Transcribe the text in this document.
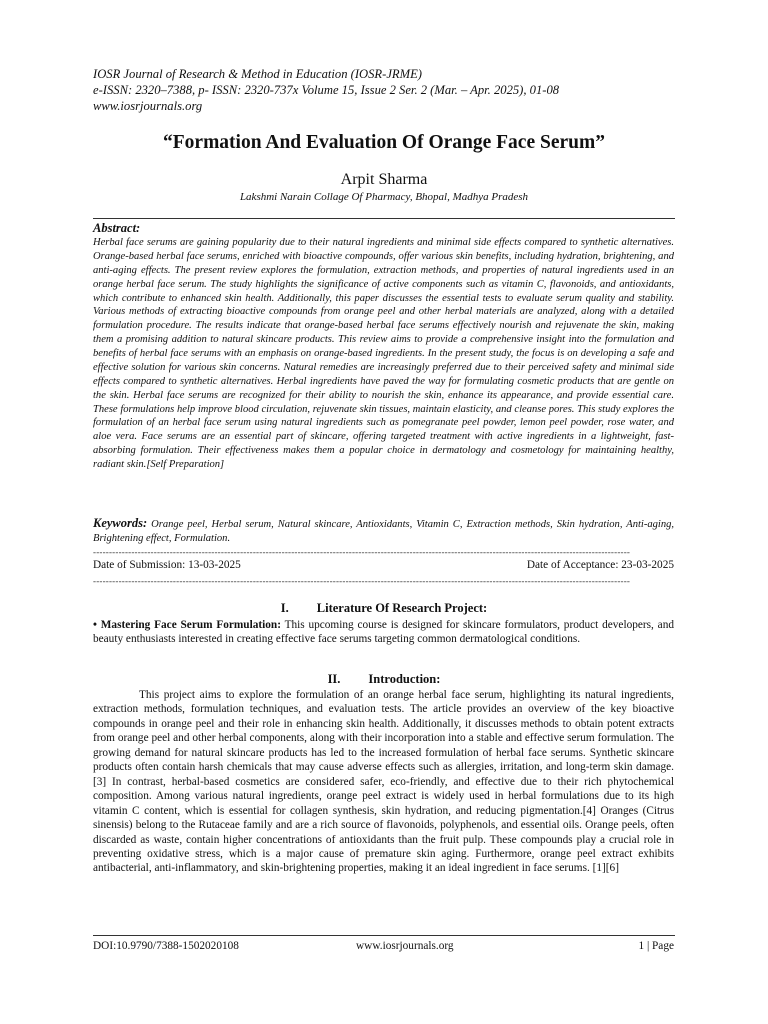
IOSR Journal of Research & Method in Education (IOSR-JRME)
e-ISSN: 2320–7388, p- ISSN: 2320-737x Volume 15, Issue 2 Ser. 2 (Mar. – Apr. 2025), 01-08
www.iosrjournals.org
“Formation And Evaluation Of Orange Face Serum”
Arpit Sharma
Lakshmi Narain Collage Of Pharmacy, Bhopal, Madhya Pradesh
Abstract:

Herbal face serums are gaining popularity due to their natural ingredients and minimal side effects compared to synthetic alternatives. Orange-based herbal face serums, enriched with bioactive compounds, offer various skin benefits, including hydration, brightening, and anti-aging effects. The present review explores the formulation, extraction methods, and properties of natural ingredients used in an orange herbal face serum. The study highlights the significance of active components such as vitamin C, flavonoids, and antioxidants, which contribute to enhanced skin health. Additionally, this paper discusses the essential tests to evaluate serum quality and stability. Various methods of extracting bioactive compounds from orange peel and other herbal materials are analyzed, along with a detailed formulation procedure. The results indicate that orange-based herbal face serums effectively nourish and rejuvenate the skin, making them a promising addition to natural skincare products. This review aims to provide a comprehensive insight into the formulation and benefits of herbal face serums with an emphasis on orange-based ingredients. In the present study, the focus is on developing a safe and effective solution for various skin concerns. Natural remedies are increasingly preferred due to their perceived safety and minimal side effects compared to synthetic alternatives. Herbal ingredients have paved the way for formulating cosmetic products that are gentle on the skin. Herbal face serums are recognized for their ability to nourish the skin, enhance its appearance, and provide essential care. These formulations help improve blood circulation, rejuvenate skin tissues, maintain elasticity, and cleanse pores. This study explores the formulation of an herbal face serum using natural ingredients such as pomegranate peel powder, lemon peel powder, rose water, and aloe vera. Face serums are an essential part of skincare, offering targeted treatment with active ingredients in a lightweight, fast-absorbing formulation. Their effectiveness makes them a popular choice in dermatology and cosmetology for maintaining healthy, radiant skin.[Self Preparation]

Keywords: Orange peel, Herbal serum, Natural skincare, Antioxidants, Vitamin C, Extraction methods, Skin hydration, Anti-aging, Brightening effect, Formulation.

------------------------------------------------------------------------------------------------------------------------------------------------------------------------
Date of Submission: 13-03-2025	Date of Acceptance: 23-03-2025
------------------------------------------------------------------------------------------------------------------------------------------------------------------------
I. Literature Of Research Project:

• Mastering Face Serum Formulation: This upcoming course is designed for skincare formulators, product developers, and beauty enthusiasts interested in creating effective face serums targeting common dermatological conditions.

II. Introduction:

This project aims to explore the formulation of an orange herbal face serum, highlighting its natural ingredients, extraction methods, formulation techniques, and evaluation tests. The article provides an overview of the key bioactive compounds in orange peel and their role in enhancing skin health. Additionally, it discusses methods to obtain potent extracts from orange peel and other herbal components, along with their incorporation into a stable and effective serum formulation. The growing demand for natural skincare products has led to the increased formulation of herbal face serums. Synthetic skincare products often contain harsh chemicals that may cause adverse effects such as allergies, irritation, and long-term skin damage.[3] In contrast, herbal-based cosmetics are considered safer, eco-friendly, and effective due to their rich phytochemical composition. Among various natural ingredients, orange peel extract is widely used in herbal formulations due to its high vitamin C content, which is essential for collagen synthesis, skin hydration, and reducing pigmentation.[4] Oranges (Citrus sinensis) belong to the Rutaceae family and are a rich source of flavonoids, polyphenols, and essential oils. Orange peels, often discarded as waste, contain higher concentrations of antioxidants than the fruit pulp. These compounds play a crucial role in preventing oxidative stress, which is a major cause of premature skin aging. Furthermore, orange peel extract exhibits antibacterial, anti-inflammatory, and skin-brightening properties, making it an ideal ingredient in face serums. [1][6]

DOI:10.9790/7388-1502020108	www.iosrjournals.org	1 | Page
